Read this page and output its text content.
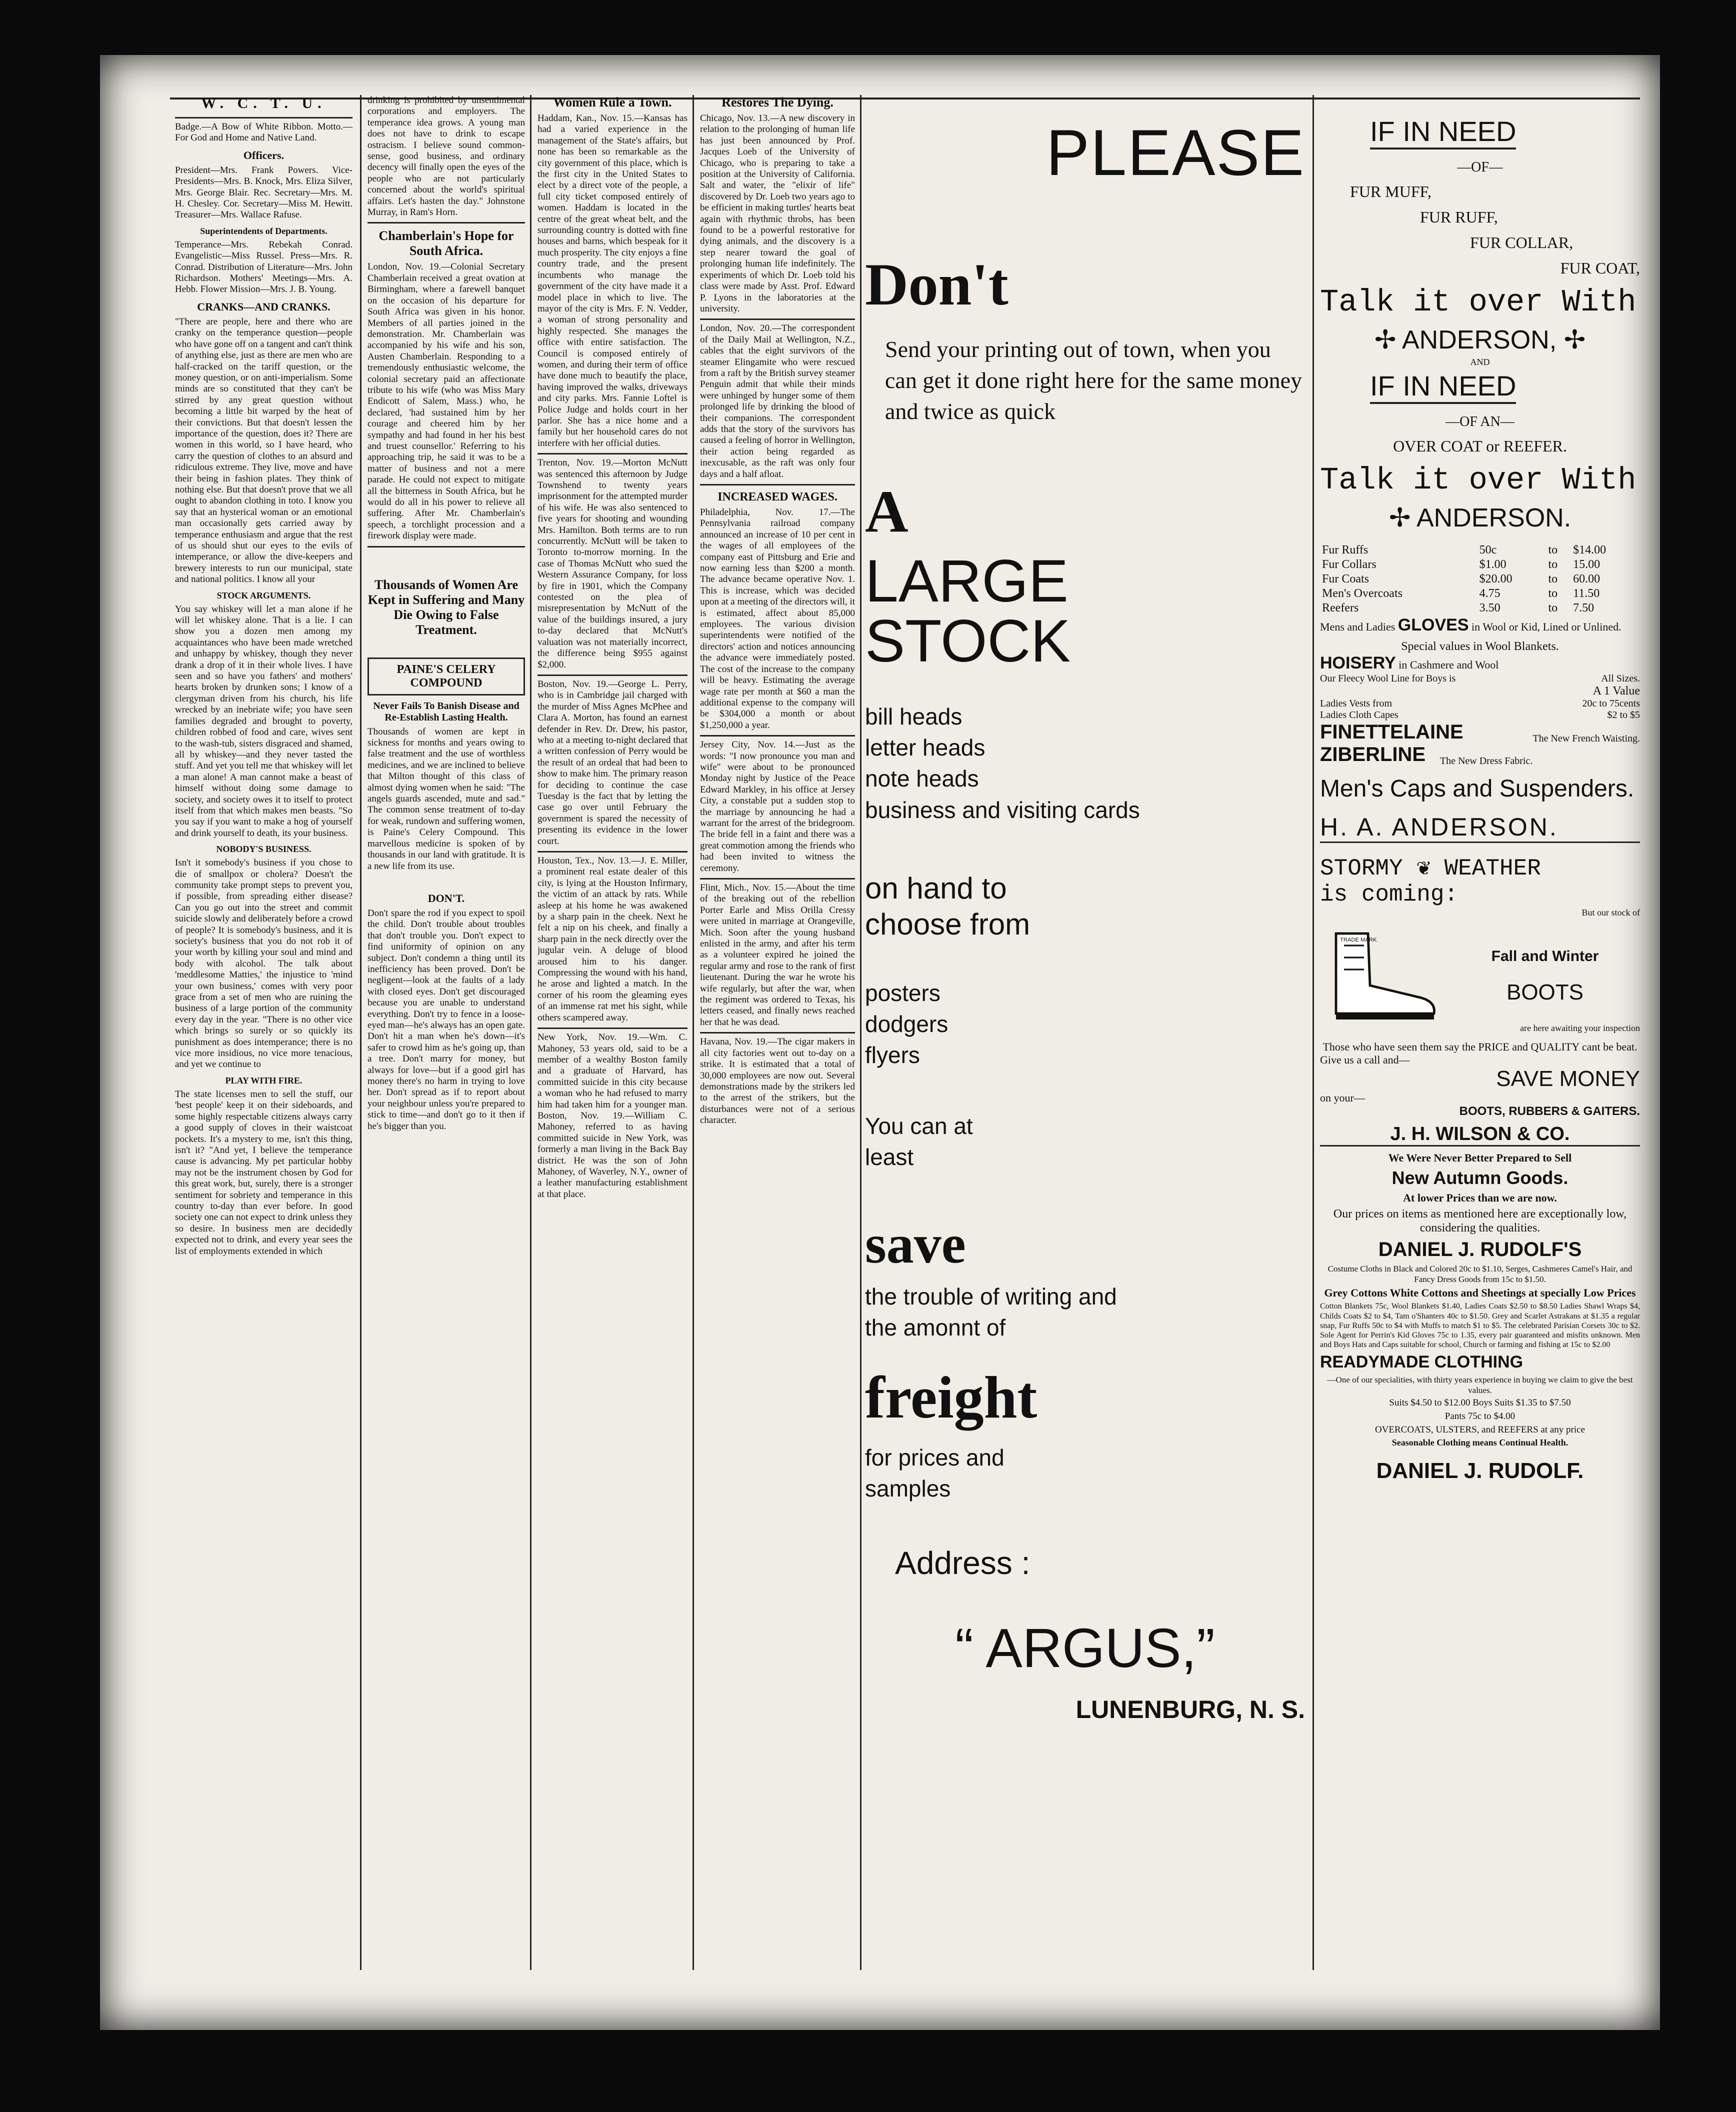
W. C. T. U.

Badge.—A Bow of White Ribbon. Motto.—For God and Home and Native Land.

Officers.

President—Mrs. Frank Powers. Vice-Presidents—Mrs. B. Knock, Mrs. Eliza Silver, Mrs. George Blair. Rec. Secretary—Mrs. M. H. Chesley. Cor. Secretary—Miss M. Hewitt. Treasurer—Mrs. Wallace Rafuse.

Superintendents of Departments.

Temperance—Mrs. Rebekah Conrad. Evangelistic—Miss Russel. Press—Mrs. R. Conrad. Distribution of Literature—Mrs. John Richardson. Mothers' Meetings—Mrs. A. Hebb. Flower Mission—Mrs. J. B. Young.

CRANKS—AND CRANKS.

"There are people, here and there who are cranky on the temperance question—people who have gone off on a tangent and can't think of anything else, just as there are men who are half-cracked on the tariff question, or the money question, or on anti-imperialism. Some minds are so constituted that they can't be stirred by any great question without becoming a little bit warped by the heat of their convictions. But that doesn't lessen the importance of the question, does it? There are women in this world, so I have heard, who carry the question of clothes to an absurd and ridiculous extreme. They live, move and have their being in fashion plates. They think of nothing else. But that doesn't prove that we all ought to abandon clothing in toto. I know you say that an hysterical woman or an emotional man occasionally gets carried away by temperance enthusiasm and argue that the rest of us should shut our eyes to the evils of intemperance, or allow the dive-keepers and brewery interests to run our municipal, state and national politics. I know all your

STOCK ARGUMENTS.

You say whiskey will let a man alone if he will let whiskey alone. That is a lie. I can show you a dozen men among my acquaintances who have been made wretched and unhappy by whiskey, though they never drank a drop of it in their whole lives. I have seen and so have you fathers' and mothers' hearts broken by drunken sons; I know of a clergyman driven from his church, his life wrecked by an inebriate wife; you have seen families degraded and brought to poverty, children robbed of food and care, wives sent to the wash-tub, sisters disgraced and shamed, all by whiskey—and they never tasted the stuff. And yet you tell me that whiskey will let a man alone! A man cannot make a beast of himself without doing some damage to society, and society owes it to itself to protect itself from that which makes men beasts. "So you say if you want to make a hog of yourself and drink yourself to death, its your business.

NOBODY'S BUSINESS.

Isn't it somebody's business if you chose to die of smallpox or cholera? Doesn't the community take prompt steps to prevent you, if possible, from spreading either disease? Can you go out into the street and commit suicide slowly and deliberately before a crowd of people? It is somebody's business, and it is society's business that you do not rob it of your worth by killing your soul and mind and body with alcohol. The talk about 'meddlesome Matties,' the injustice to 'mind your own business,' comes with very poor grace from a set of men who are ruining the business of a large portion of the community every day in the year. "There is no other vice which brings so surely or so quickly its punishment as does intemperance; there is no vice more insidious, no vice more tenacious, and yet we continue to

PLAY WITH FIRE.

The state licenses men to sell the stuff, our 'best people' keep it on their sideboards, and some highly respectable citizens always carry a good supply of cloves in their waistcoat pockets. It's a mystery to me, isn't this thing, isn't it? "And yet, I believe the temperance cause is advancing. My pet particular hobby may not be the instrument chosen by God for this great work, but, surely, there is a stronger sentiment for sobriety and temperance in this country to-day than ever before. In good society one can not expect to drink unless they so desire. In business men are decidedly expected not to drink, and every year sees the list of employments extended in which

drinking is prohibited by unsentimental corporations and employers. The temperance idea grows. A young man does not have to drink to escape ostracism. I believe sound common-sense, good business, and ordinary decency will finally open the eyes of the people who are not particularly concerned about the world's spiritual affairs. Let's hasten the day." Johnstone Murray, in Ram's Horn.

Chamberlain's Hope for South Africa.

London, Nov. 19.—Colonial Secretary Chamberlain received a great ovation at Birmingham, where a farewell banquet on the occasion of his departure for South Africa was given in his honor. Members of all parties joined in the demonstration. Mr. Chamberlain was accompanied by his wife and his son, Austen Chamberlain. Responding to a tremendously enthusiastic welcome, the colonial secretary paid an affectionate tribute to his wife (who was Miss Mary Endicott of Salem, Mass.) who, he declared, 'had sustained him by her courage and cheered him by her sympathy and had found in her his best and truest counsellor.' Referring to his approaching trip, he said it was to be a matter of business and not a mere parade. He could not expect to mitigate all the bitterness in South Africa, but he would do all in his power to relieve all suffering. After Mr. Chamberlain's speech, a torchlight procession and a firework display were made.

Thousands of Women Are Kept in Suffering and Many Die Owing to False Treatment.
PAINE'S CELERY COMPOUND
Never Fails To Banish Disease and Re-Establish Lasting Health.

Thousands of women are kept in sickness for months and years owing to false treatment and the use of worthless medicines, and we are inclined to believe that Milton thought of this class of almost dying women when he said: "The angels guards ascended, mute and sad." The common sense treatment of to-day for weak, rundown and suffering women, is Paine's Celery Compound. This marvellous medicine is spoken of by thousands in our land with gratitude. It is a new life from its use.

DON'T.

Don't spare the rod if you expect to spoil the child. Don't trouble about troubles that don't trouble you. Don't expect to find uniformity of opinion on any subject. Don't condemn a thing until its inefficiency has been proved. Don't be negligent—look at the faults of a lady with closed eyes. Don't get discouraged because you are unable to understand everything. Don't try to fence in a loose-eyed man—he's always has an open gate. Don't hit a man when he's down—it's safer to crowd him as he's going up, than a tree. Don't marry for money, but always for love—but if a good girl has money there's no harm in trying to love her. Don't spread as if to report about your neighbour unless you're prepared to stick to time—and don't go to it then if he's bigger than you.

Women Rule a Town.

Haddam, Kan., Nov. 15.—Kansas has had a varied experience in the management of the State's affairs, but none has been so remarkable as the city government of this place, which is the first city in the United States to elect by a direct vote of the people, a full city ticket composed entirely of women. Haddam is located in the centre of the great wheat belt, and the surrounding country is dotted with fine houses and barns, which bespeak for it much prosperity. The city enjoys a fine country trade, and the present incumbents who manage the government of the city have made it a model place in which to live. The mayor of the city is Mrs. F. N. Vedder, a woman of strong personality and highly respected. She manages the office with entire satisfaction. The Council is composed entirely of women, and during their term of office have done much to beautify the place, having improved the walks, driveways and city parks. Mrs. Fannie Loftel is Police Judge and holds court in her parlor. She has a nice home and a family but her household cares do not interfere with her official duties.

Trenton, Nov. 19.—Morton McNutt was sentenced this afternoon by Judge Townshend to twenty years imprisonment for the attempted murder of his wife. He was also sentenced to five years for shooting and wounding Mrs. Hamilton. Both terms are to run concurrently. McNutt will be taken to Toronto to-morrow morning. In the case of Thomas McNutt who sued the Western Assurance Company, for loss by fire in 1901, which the Company contested on the plea of misrepresentation by McNutt of the value of the buildings insured, a jury to-day declared that McNutt's valuation was not materially incorrect, the difference being $955 against $2,000.

Boston, Nov. 19.—George L. Perry, who is in Cambridge jail charged with the murder of Miss Agnes McPhee and Clara A. Morton, has found an earnest defender in Rev. Dr. Drew, his pastor, who at a meeting to-night declared that a written confession of Perry would be the result of an ordeal that had been to show to make him. The primary reason for deciding to continue the case Tuesday is the fact that by letting the case go over until February the government is spared the necessity of presenting its evidence in the lower court.

Houston, Tex., Nov. 13.—J. E. Miller, a prominent real estate dealer of this city, is lying at the Houston Infirmary, the victim of an attack by rats. While asleep at his home he was awakened by a sharp pain in the cheek. Next he felt a nip on his cheek, and finally a sharp pain in the neck directly over the jugular vein. A deluge of blood aroused him to his danger. Compressing the wound with his hand, he arose and lighted a match. In the corner of his room the gleaming eyes of an immense rat met his sight, while others scampered away.

New York, Nov. 19.—Wm. C. Mahoney, 53 years old, said to be a member of a wealthy Boston family and a graduate of Harvard, has committed suicide in this city because a woman who he had refused to marry him had taken him for a younger man. Boston, Nov. 19.—William C. Mahoney, referred to as having committed suicide in New York, was formerly a man living in the Back Bay district. He was the son of John Mahoney, of Waverley, N.Y., owner of a leather manufacturing establishment at that place.

Restores The Dying.

Chicago, Nov. 13.—A new discovery in relation to the prolonging of human life has just been announced by Prof. Jacques Loeb of the University of Chicago, who is preparing to take a position at the University of California. Salt and water, the "elixir of life" discovered by Dr. Loeb two years ago to be efficient in making turtles' hearts beat again with rhythmic throbs, has been found to be a powerful restorative for dying animals, and the discovery is a step nearer toward the goal of prolonging human life indefinitely. The experiments of which Dr. Loeb told his class were made by Asst. Prof. Edward P. Lyons in the laboratories at the university.

London, Nov. 20.—The correspondent of the Daily Mail at Wellington, N.Z., cables that the eight survivors of the steamer Elingamite who were rescued from a raft by the British survey steamer Penguin admit that while their minds were unhinged by hunger some of them prolonged life by drinking the blood of their companions. The correspondent adds that the story of the survivors has caused a feeling of horror in Wellington, their action being regarded as inexcusable, as the raft was only four days and a half afloat.

INCREASED WAGES.

Philadelphia, Nov. 17.—The Pennsylvania railroad company announced an increase of 10 per cent in the wages of all employees of the company east of Pittsburg and Erie and now earning less than $200 a month. The advance became operative Nov. 1. This is increase, which was decided upon at a meeting of the directors will, it is estimated, affect about 85,000 employees. The various division superintendents were notified of the directors' action and notices announcing the advance were immediately posted. The cost of the increase to the company will be heavy. Estimating the average wage rate per month at $60 a man the additional expense to the company will be $304,000 a month or about $1,250,000 a year.

Jersey City, Nov. 14.—Just as the words: "I now pronounce you man and wife" were about to be pronounced Monday night by Justice of the Peace Edward Markley, in his office at Jersey City, a constable put a sudden stop to the marriage by announcing he had a warrant for the arrest of the bridegroom. The bride fell in a faint and there was a great commotion among the friends who had been invited to witness the ceremony.

Flint, Mich., Nov. 15.—About the time of the breaking out of the rebellion Porter Earle and Miss Orilla Cressy were united in marriage at Orangeville, Mich. Soon after the young husband enlisted in the army, and after his term as a volunteer expired he joined the regular army and rose to the rank of first lieutenant. During the war he wrote his wife regularly, but after the war, when the regiment was ordered to Texas, his letters ceased, and finally news reached her that he was dead.

Havana, Nov. 19.—The cigar makers in all city factories went out to-day on a strike. It is estimated that a total of 30,000 employees are now out. Several demonstrations made by the strikers led to the arrest of the strikers, but the disturbances were not of a serious character.

PLEASE

Don't

Send your printing out of town, when you can get it done right here for the same money and twice as quick

A

LARGE

STOCK

bill heads
letter heads
note heads
business and visiting cards

on hand to choose from

posters
dodgers
flyers

You can at least

save

the trouble of writing and the amonnt of

freight

for prices and samples

Address :

“ ARGUS,”

LUNENBURG, N. S.

IF IN NEED
—OF—
FUR MUFF,
FUR RUFF,
FUR COLLAR,
FUR COAT,
Talk it over With
✢ ANDERSON, ✢
AND
IF IN NEED
—OF AN—
OVER COAT or REEFER.
Talk it over With
✢ ANDERSON.
Fur Ruffs	50c	to	$14.00
Fur Collars	$1.00	to	15.00
Fur Coats	$20.00	to	60.00
Men's Overcoats	4.75	to	11.50
Reefers	3.50	to	7.50
Mens and Ladies GLOVES in Wool or Kid, Lined or Unlined.
Special values in Wool Blankets.
HOISERY in Cashmere and Wool
Our Fleecy Wool Line for Boys is	All Sizes.
A 1 Value
Ladies Vests from	20c to 75cents
Ladies Cloth Capes	$2 to $5
FINETTELAINE	The New French Waisting.
ZIBERLINE The New Dress Fabric.
Men's Caps and Suspenders.
H. A. ANDERSON.
STORMY ❦ WEATHER
is coming:
But our stock of
TRADE MARK
Fall and Winter
BOOTS
are here awaiting your inspection
Those who have seen them say the PRICE and QUALITY cant be beat.
Give us a call and—
SAVE MONEY
on your—
BOOTS, RUBBERS & GAITERS.
J. H. WILSON & CO.
We Were Never Better Prepared to Sell
New Autumn Goods.
At lower Prices than we are now.
Our prices on items as mentioned here are exceptionally low, considering the qualities.
DANIEL J. RUDOLF'S
Costume Cloths in Black and Colored 20c to $1.10, Serges, Cashmeres Camel's Hair, and Fancy Dress Goods from 15c to $1.50.
Grey Cottons White Cottons and Sheetings at specially Low Prices
Cotton Blankets 75c, Wool Blankets $1.40, Ladies Coats $2.50 to $8.50 Ladies Shawl Wraps $4, Childs Coats $2 to $4, Tam o'Shanters 40c to $1.50. Grey and Scarlet Astrakans at $1.35 a regular snap, Fur Ruffs 50c to $4 with Muffs to match $1 to $5. The celebrated Parisian Corsets 30c to $2. Sole Agent for Perrin's Kid Gloves 75c to 1.35, every pair guaranteed and misfits unknown. Men and Boys Hats and Caps suitable for school, Church or farming and fishing at 15c to $2.00
READYMADE CLOTHING
—One of our specialities, with thirty years experience in buying we claim to give the best values.
Suits $4.50 to $12.00 Boys Suits $1.35 to $7.50
Pants 75c to $4.00
OVERCOATS, ULSTERS, and REEFERS at any price
Seasonable Clothing means Continual Health.
DANIEL J. RUDOLF.
